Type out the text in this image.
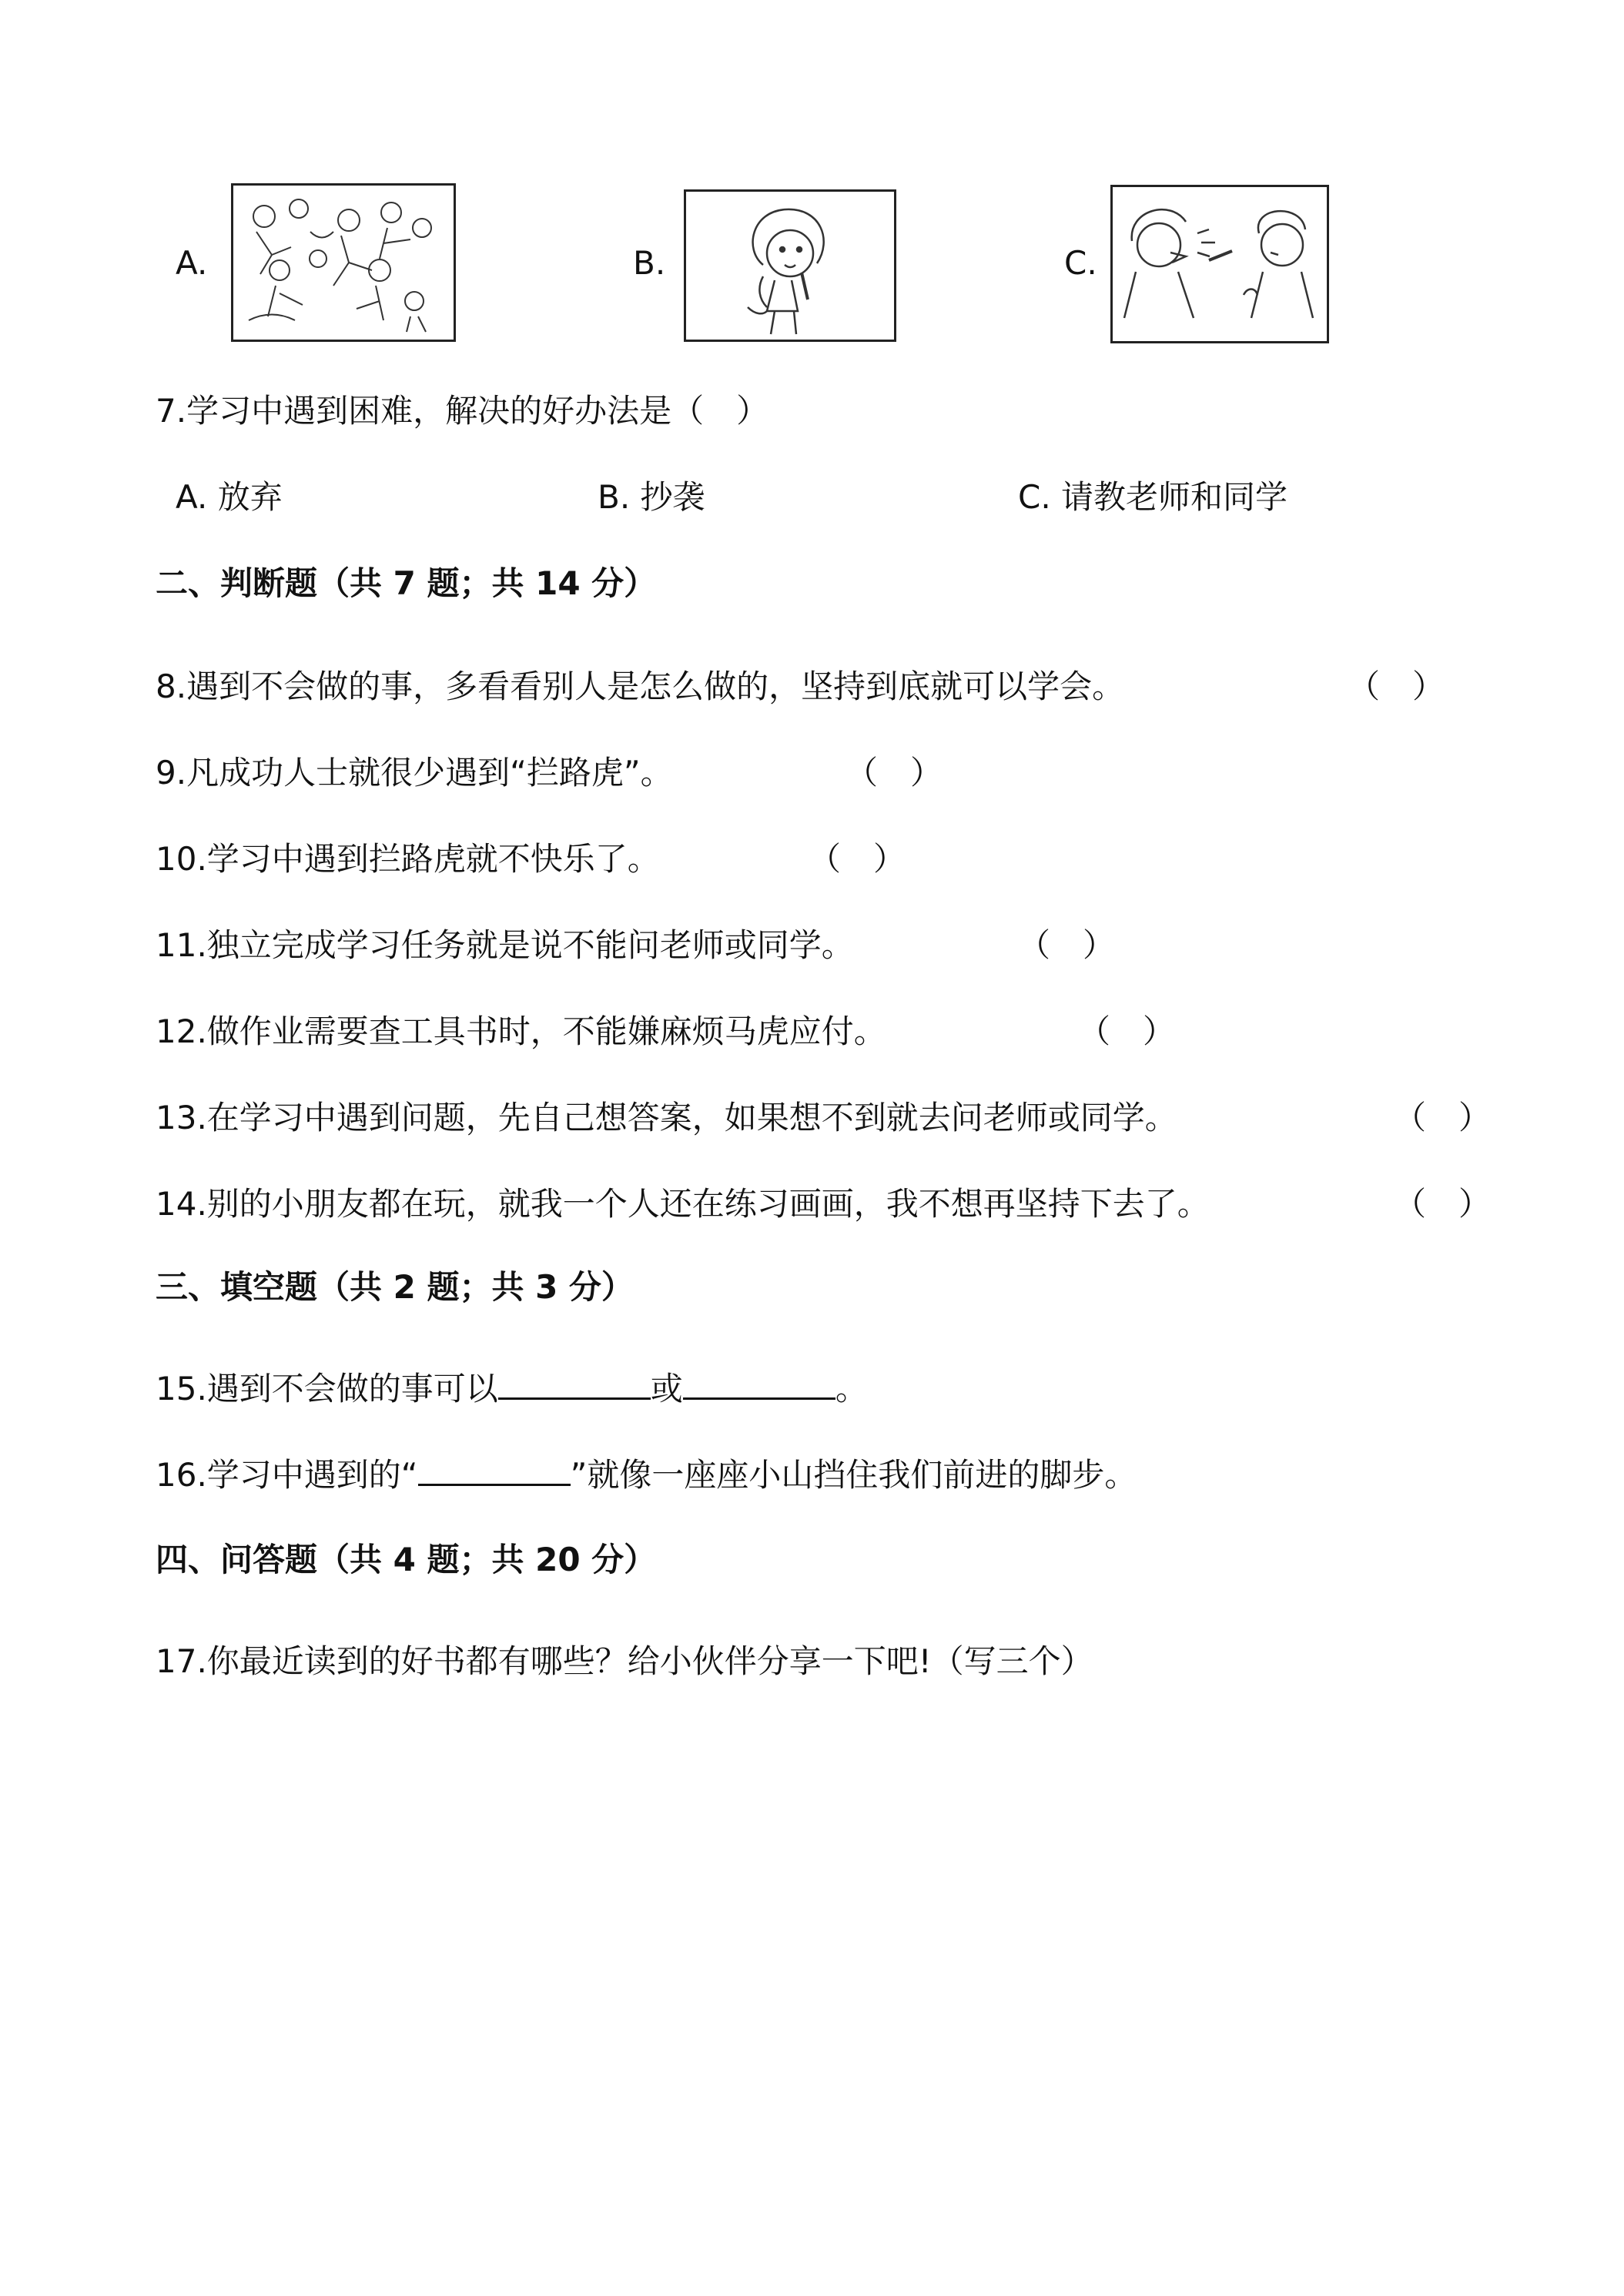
A.	B.	C.
7.学习中遇到困难，解决的好办法是（　）
A. 放弃	B. 抄袭	C. 请教老师和同学
二、判断题（共 7 题；共 14 分）
8.遇到不会做的事，多看看别人是怎么做的，坚持到底就可以学会。	（　）
9.凡成功人士就很少遇到“拦路虎”。	（　）
10.学习中遇到拦路虎就不快乐了。	（　）
11.独立完成学习任务就是说不能问老师或同学。	（　）
12.做作业需要查工具书时，不能嫌麻烦马虎应付。	（　）
13.在学习中遇到问题，先自己想答案，如果想不到就去问老师或同学。	（　）
14.别的小朋友都在玩，就我一个人还在练习画画，我不想再坚持下去了。	（　）
三、填空题（共 2 题；共 3 分）
15.遇到不会做的事可以	或	。
16.学习中遇到的“	”就像一座座小山挡住我们前进的脚步。
四、问答题（共 4 题；共 20 分）
17.你最近读到的好书都有哪些？给小伙伴分享一下吧!（写三个）
